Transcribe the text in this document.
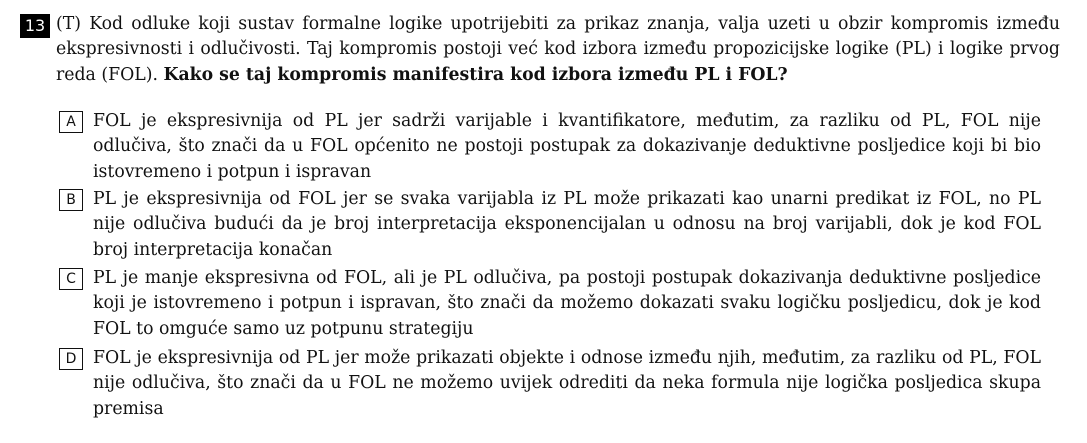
13 (T) Kod odluke koji sustav formalne logike upotrijebiti za prikaz znanja, valja uzeti u obzir kompromis između ekspresivnosti i odlučivosti. Taj kompromis postoji već kod izbora između propozicijske logike (PL) i logike prvog reda (FOL). Kako se taj kompromis manifestira kod izbora između PL i FOL?
A FOL je ekspresivnija od PL jer sadrži varijable i kvantifikatore, međutim, za razliku od PL, FOL nije odlučiva, što znači da u FOL općenito ne postoji postupak za dokazivanje deduktivne posljedice koji bi bio istovremeno i potpun i ispravan
B PL je ekspresivnija od FOL jer se svaka varijabla iz PL može prikazati kao unarni predikat iz FOL, no PL nije odlučiva budući da je broj interpretacija eksponencijalan u odnosu na broj varijabli, dok je kod FOL broj interpretacija konačan
C PL je manje ekspresivna od FOL, ali je PL odlučiva, pa postoji postupak dokazivanja deduktivne posljedice koji je istovremeno i potpun i ispravan, što znači da možemo dokazati svaku logičku posljedicu, dok je kod FOL to omguće samo uz potpunu strategiju
D FOL je ekspresivnija od PL jer može prikazati objekte i odnose između njih, međutim, za razliku od PL, FOL nije odlučiva, što znači da u FOL ne možemo uvijek odrediti da neka formula nije logička posljedica skupa premisa
